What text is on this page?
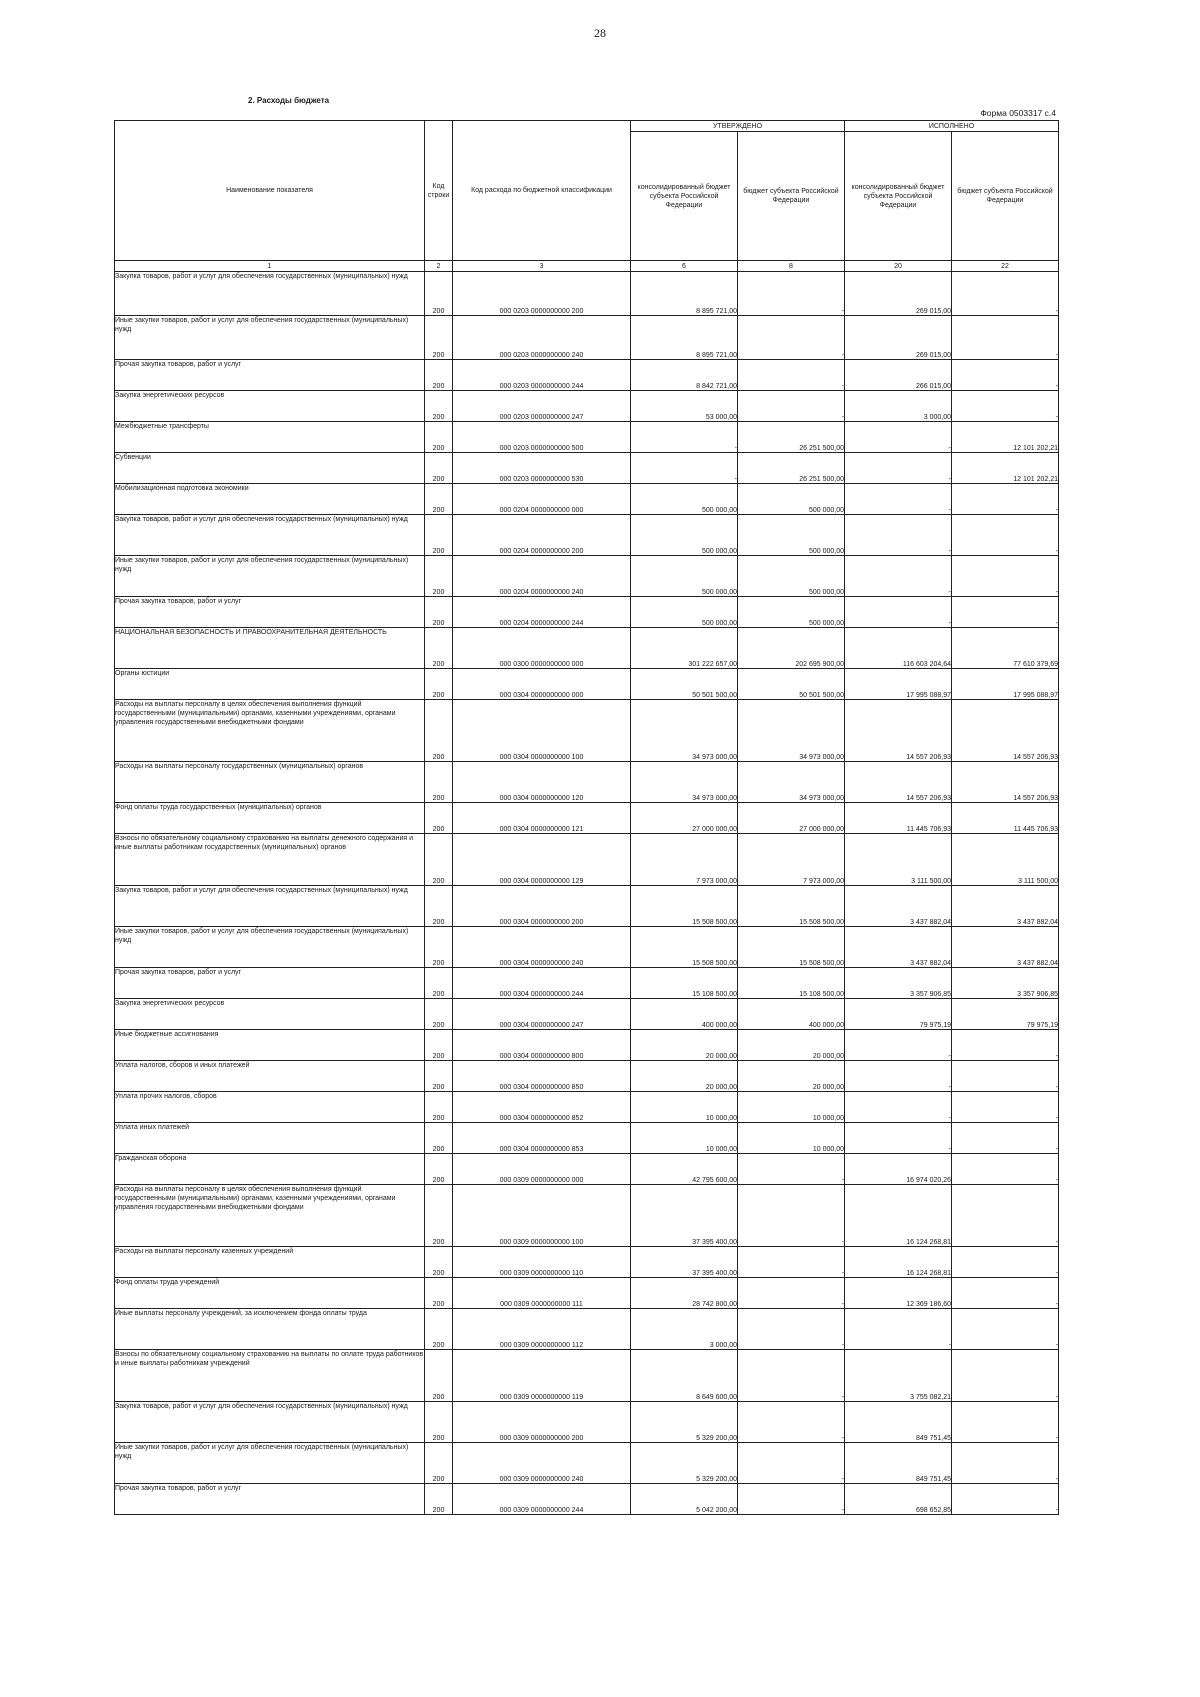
28
2. Расходы бюджета
Форма 0503317 с.4
Наименование показателя	Код строки	Код расхода по бюджетной классификации	УТВЕРЖДЕНО		ИСПОЛНЕНО	
			консолидированный бюджет субъекта Российской Федерации	бюджет субъекта Российской Федерации	консолидированный бюджет субъекта Российской Федерации	бюджет субъекта Российской Федерации
1	2	3	6	8	20	22
Закупка товаров, работ и услуг для обеспечения государственных (муниципальных) нужд	200	000 0203 0000000000 200	8 895 721,00	-	269 015,00	-
Иные закупки товаров, работ и услуг для обеспечения государственных (муниципальных) нужд	200	000 0203 0000000000 240	8 895 721,00	-	269 015,00	-
Прочая закупка товаров, работ и услуг	200	000 0203 0000000000 244	8 842 721,00	-	266 015,00	-
Закупка энергетических ресурсов	200	000 0203 0000000000 247	53 000,00	-	3 000,00	-
Межбюджетные трансферты	200	000 0203 0000000000 500	-	26 251 500,00	-	12 101 202,21
Субвенции	200	000 0203 0000000000 530	-	26 251 500,00	-	12 101 202,21
Мобилизационная подготовка экономики	200	000 0204 0000000000 000	500 000,00	500 000,00	-	-
Закупка товаров, работ и услуг для обеспечения государственных (муниципальных) нужд	200	000 0204 0000000000 200	500 000,00	500 000,00	-	-
Иные закупки товаров, работ и услуг для обеспечения государственных (муниципальных) нужд	200	000 0204 0000000000 240	500 000,00	500 000,00	-	-
Прочая закупка товаров, работ и услуг	200	000 0204 0000000000 244	500 000,00	500 000,00	-	-
НАЦИОНАЛЬНАЯ БЕЗОПАСНОСТЬ И ПРАВООХРАНИТЕЛЬНАЯ ДЕЯТЕЛЬНОСТЬ	200	000 0300 0000000000 000	301 222 657,00	202 695 900,00	116 603 204,64	77 610 379,69
Органы юстиции	200	000 0304 0000000000 000	50 501 500,00	50 501 500,00	17 995 088,97	17 995 088,97
Расходы на выплаты персоналу в целях обеспечения выполнения функций государственными (муниципальными) органами, казенными учреждениями, органами управления государственными внебюджетными фондами	200	000 0304 0000000000 100	34 973 000,00	34 973 000,00	14 557 206,93	14 557 206,93
Расходы на выплаты персоналу государственных (муниципальных) органов	200	000 0304 0000000000 120	34 973 000,00	34 973 000,00	14 557 206,93	14 557 206,93
Фонд оплаты труда государственных (муниципальных) органов	200	000 0304 0000000000 121	27 000 000,00	27 000 000,00	11 445 706,93	11 445 706,93
Взносы по обязательному социальному страхованию на выплаты денежного содержания и иные выплаты работникам государственных (муниципальных) органов	200	000 0304 0000000000 129	7 973 000,00	7 973 000,00	3 111 500,00	3 111 500,00
Закупка товаров, работ и услуг для обеспечения государственных (муниципальных) нужд	200	000 0304 0000000000 200	15 508 500,00	15 508 500,00	3 437 882,04	3 437 882,04
Иные закупки товаров, работ и услуг для обеспечения государственных (муниципальных) нужд	200	000 0304 0000000000 240	15 508 500,00	15 508 500,00	3 437 882,04	3 437 882,04
Прочая закупка товаров, работ и услуг	200	000 0304 0000000000 244	15 108 500,00	15 108 500,00	3 357 906,85	3 357 906,85
Закупка энергетических ресурсов	200	000 0304 0000000000 247	400 000,00	400 000,00	79 975,19	79 975,19
Иные бюджетные ассигнования	200	000 0304 0000000000 800	20 000,00	20 000,00	-	-
Уплата налогов, сборов и иных платежей	200	000 0304 0000000000 850	20 000,00	20 000,00	-	-
Уплата прочих налогов, сборов	200	000 0304 0000000000 852	10 000,00	10 000,00	-	-
Уплата иных платежей	200	000 0304 0000000000 853	10 000,00	10 000,00	-	-
Гражданская оборона	200	000 0309 0000000000 000	42 795 600,00	-	16 974 020,26	-
Расходы на выплаты персоналу в целях обеспечения выполнения функций государственными (муниципальными) органами, казенными учреждениями, органами управления государственными внебюджетными фондами	200	000 0309 0000000000 100	37 395 400,00	-	16 124 268,81	-
Расходы на выплаты персоналу казенных учреждений	200	000 0309 0000000000 110	37 395 400,00	-	16 124 268,81	-
Фонд оплаты труда учреждений	200	000 0309 0000000000 111	28 742 800,00	-	12 369 186,60	-
Иные выплаты персоналу учреждений, за исключением фонда оплаты труда	200	000 0309 0000000000 112	3 000,00	-	-	-
Взносы по обязательному социальному страхованию на выплаты по оплате труда работников и иные выплаты работникам учреждений	200	000 0309 0000000000 119	8 649 600,00	-	3 755 082,21	-
Закупка товаров, работ и услуг для обеспечения государственных (муниципальных) нужд	200	000 0309 0000000000 200	5 329 200,00	-	849 751,45	-
Иные закупки товаров, работ и услуг для обеспечения государственных (муниципальных) нужд	200	000 0309 0000000000 240	5 329 200,00	-	849 751,45	-
Прочая закупка товаров, работ и услуг	200	000 0309 0000000000 244	5 042 200,00	-	698 652,85	-
